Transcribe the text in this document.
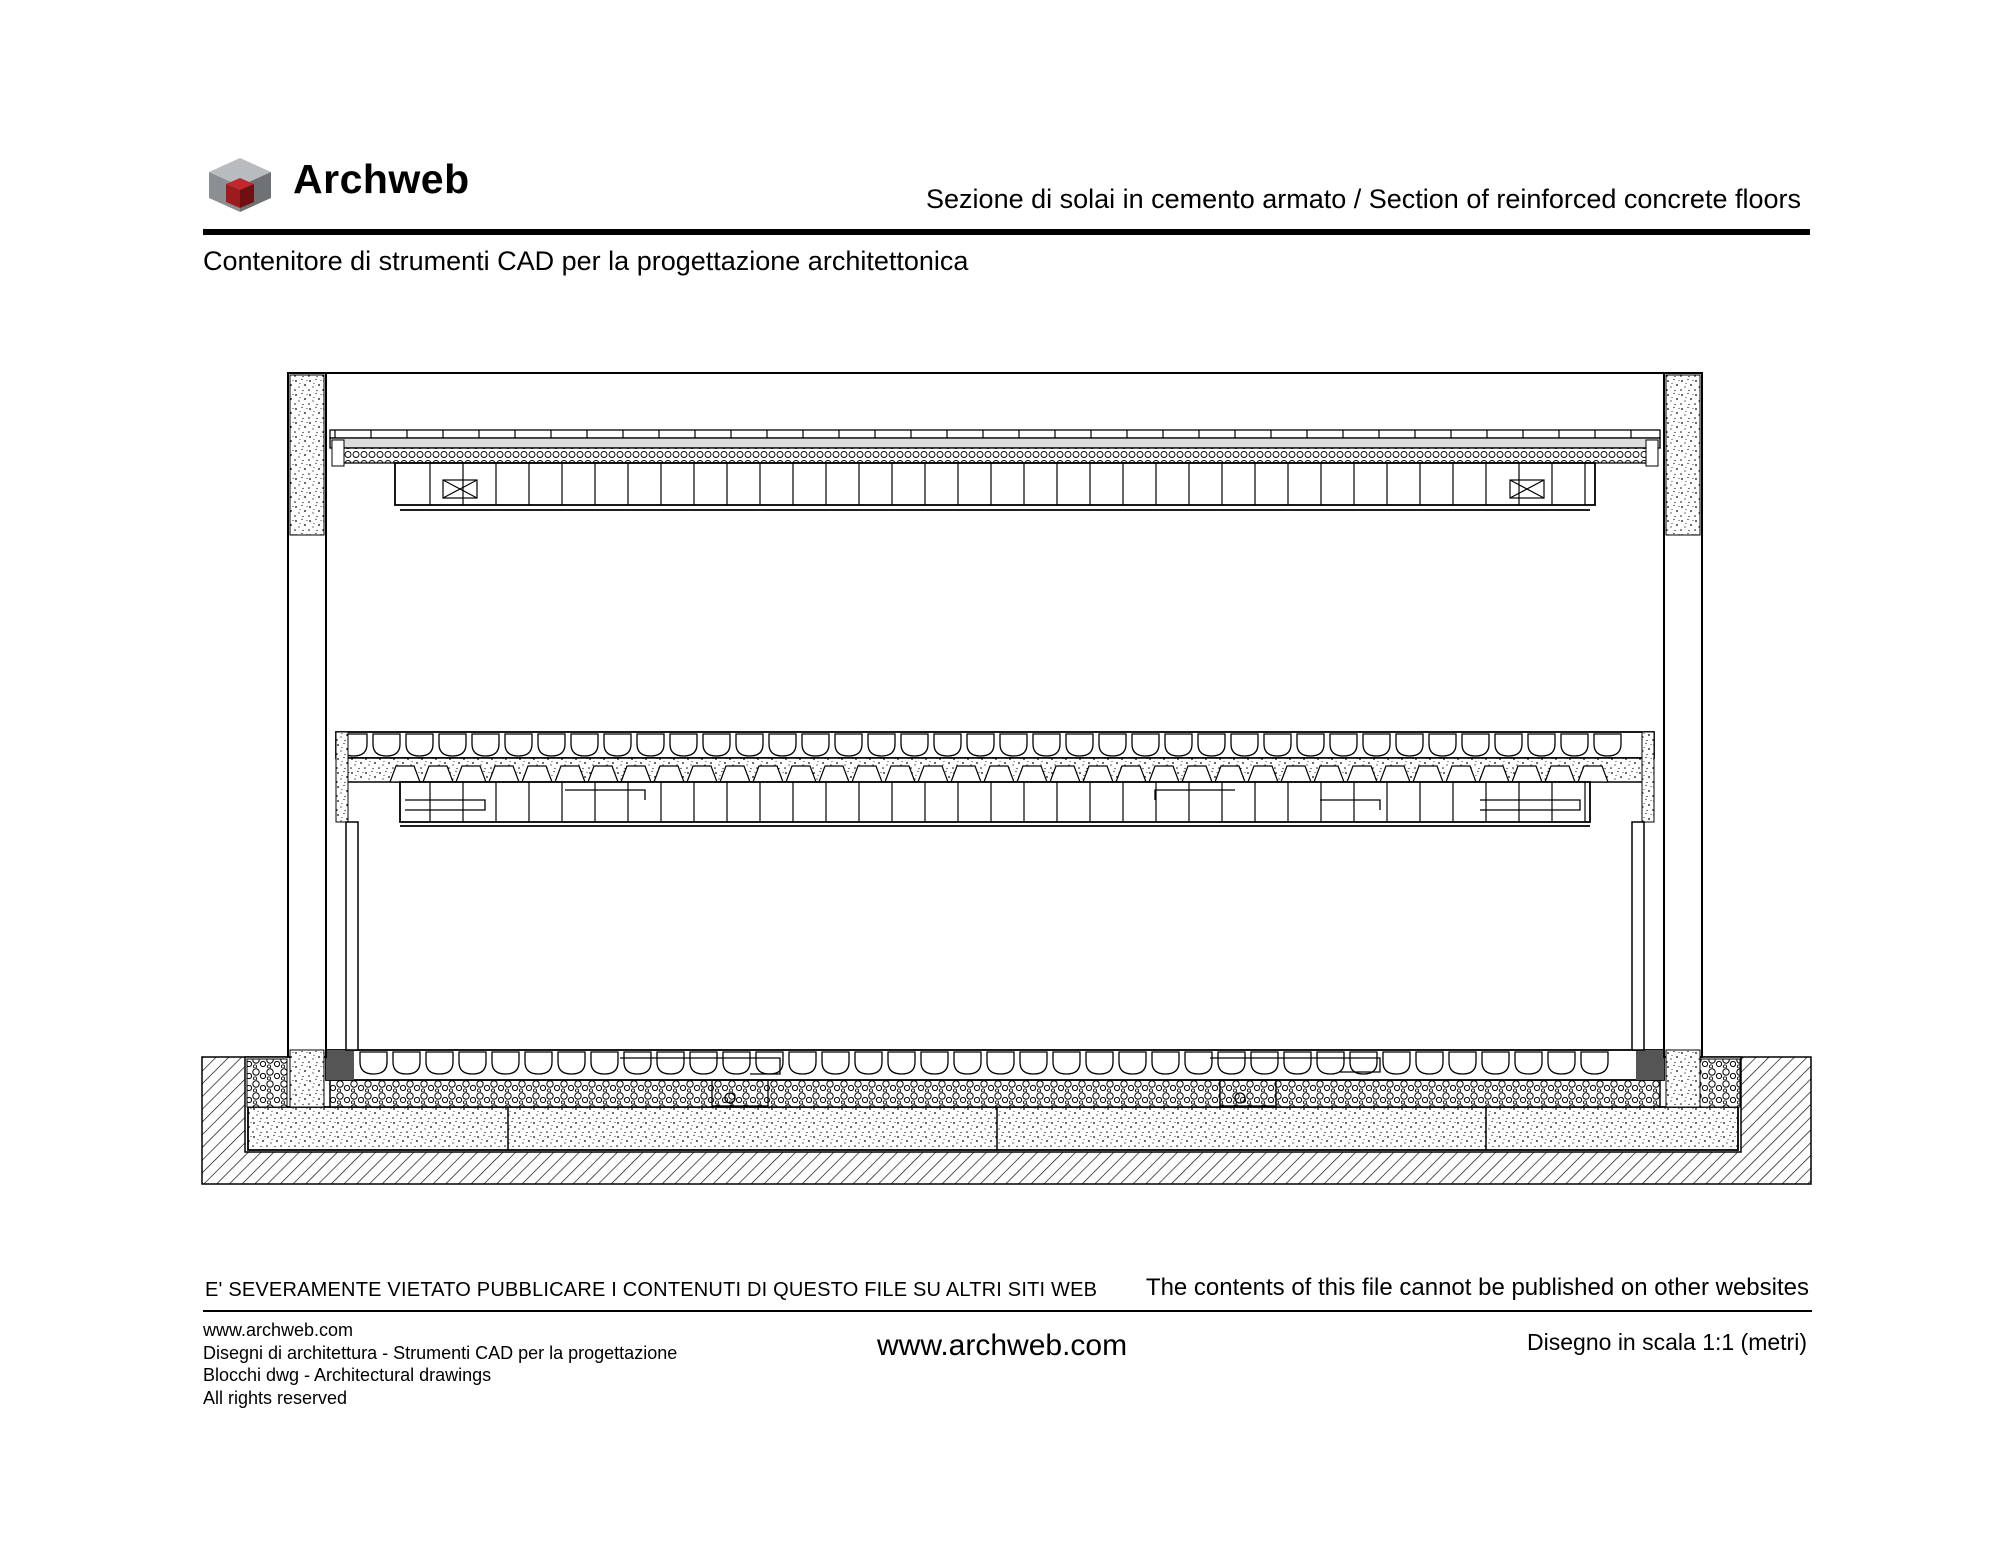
Archweb	Sezione di solai in cemento armato / Section of reinforced concrete floors
Contenitore di strumenti CAD per la progettazione architettonica
E' SEVERAMENTE VIETATO PUBBLICARE I CONTENUTI DI QUESTO FILE SU ALTRI SITI WEB The contents of this file cannot be published on other websites
www.archweb.com
Disegni di architettura - Strumenti CAD per la progettazione
Blocchi dwg - Architectural drawings
All rights reserved
www.archweb.com	Disegno in scala 1:1 (metri)
